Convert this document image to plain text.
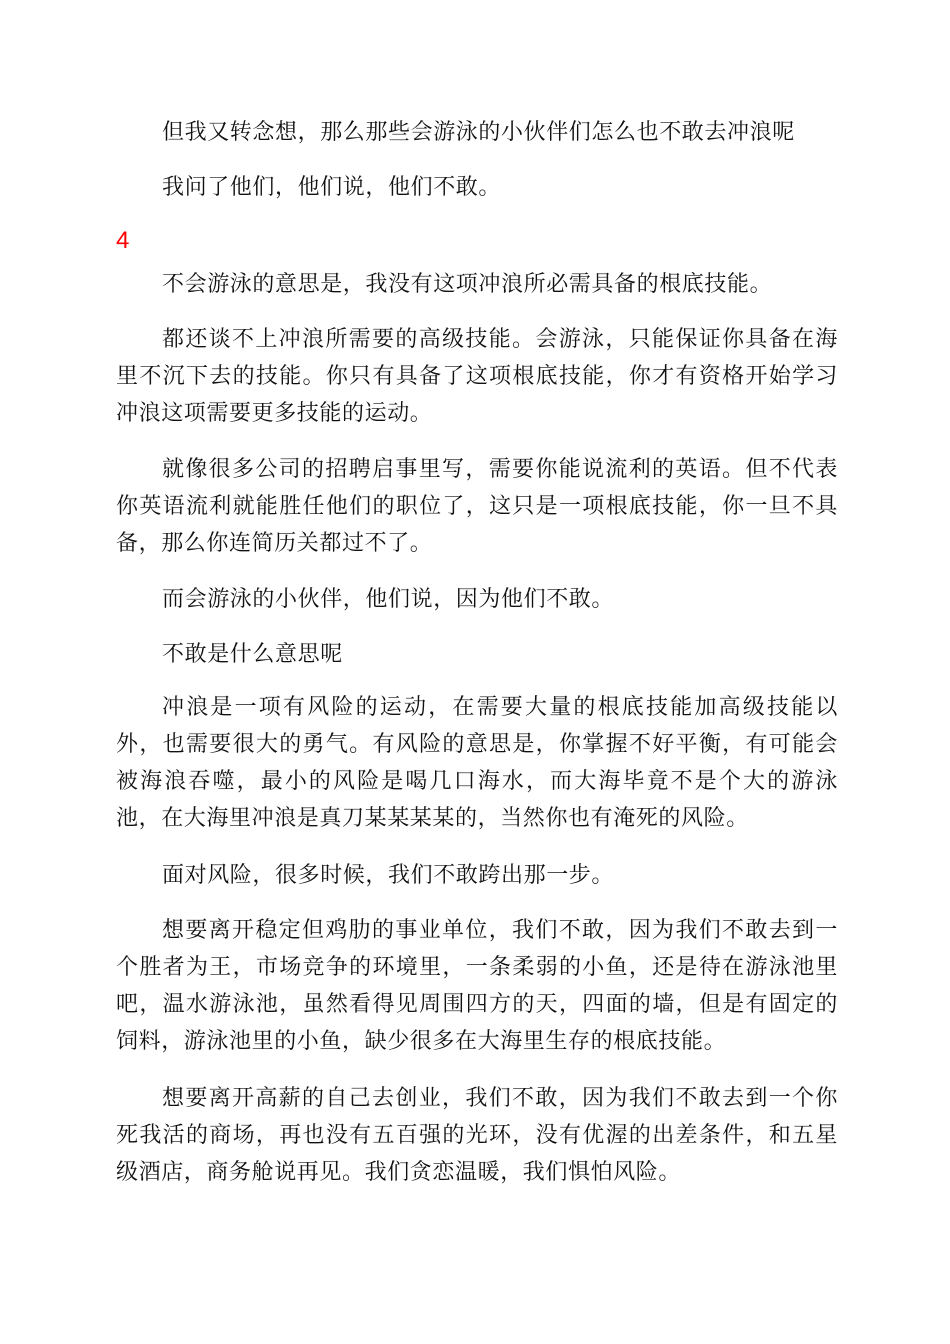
但我又转念想，那么那些会游泳的小伙伴们怎么也不敢去冲浪呢

我问了他们，他们说，他们不敢。

4

不会游泳的意思是，我没有这项冲浪所必需具备的根底技能。

都还谈不上冲浪所需要的高级技能。会游泳，只能保证你具备在海里不沉下去的技能。你只有具备了这项根底技能，你才有资格开始学习冲浪这项需要更多技能的运动。

就像很多公司的招聘启事里写，需要你能说流利的英语。但不代表你英语流利就能胜任他们的职位了，这只是一项根底技能，你一旦不具备，那么你连简历关都过不了。

而会游泳的小伙伴，他们说，因为他们不敢。

不敢是什么意思呢

冲浪是一项有风险的运动，在需要大量的根底技能加高级技能以外，也需要很大的勇气。有风险的意思是，你掌握不好平衡，有可能会被海浪吞噬，最小的风险是喝几口海水，而大海毕竟不是个大的游泳池，在大海里冲浪是真刀某某某某的，当然你也有淹死的风险。

面对风险，很多时候，我们不敢跨出那一步。

想要离开稳定但鸡肋的事业单位，我们不敢，因为我们不敢去到一个胜者为王，市场竞争的环境里，一条柔弱的小鱼，还是待在游泳池里吧，温水游泳池，虽然看得见周围四方的天，四面的墙，但是有固定的饲料，游泳池里的小鱼，缺少很多在大海里生存的根底技能。

想要离开高薪的自己去创业，我们不敢，因为我们不敢去到一个你死我活的商场，再也没有五百强的光环，没有优渥的出差条件，和五星级酒店，商务舱说再见。我们贪恋温暖，我们惧怕风险。
